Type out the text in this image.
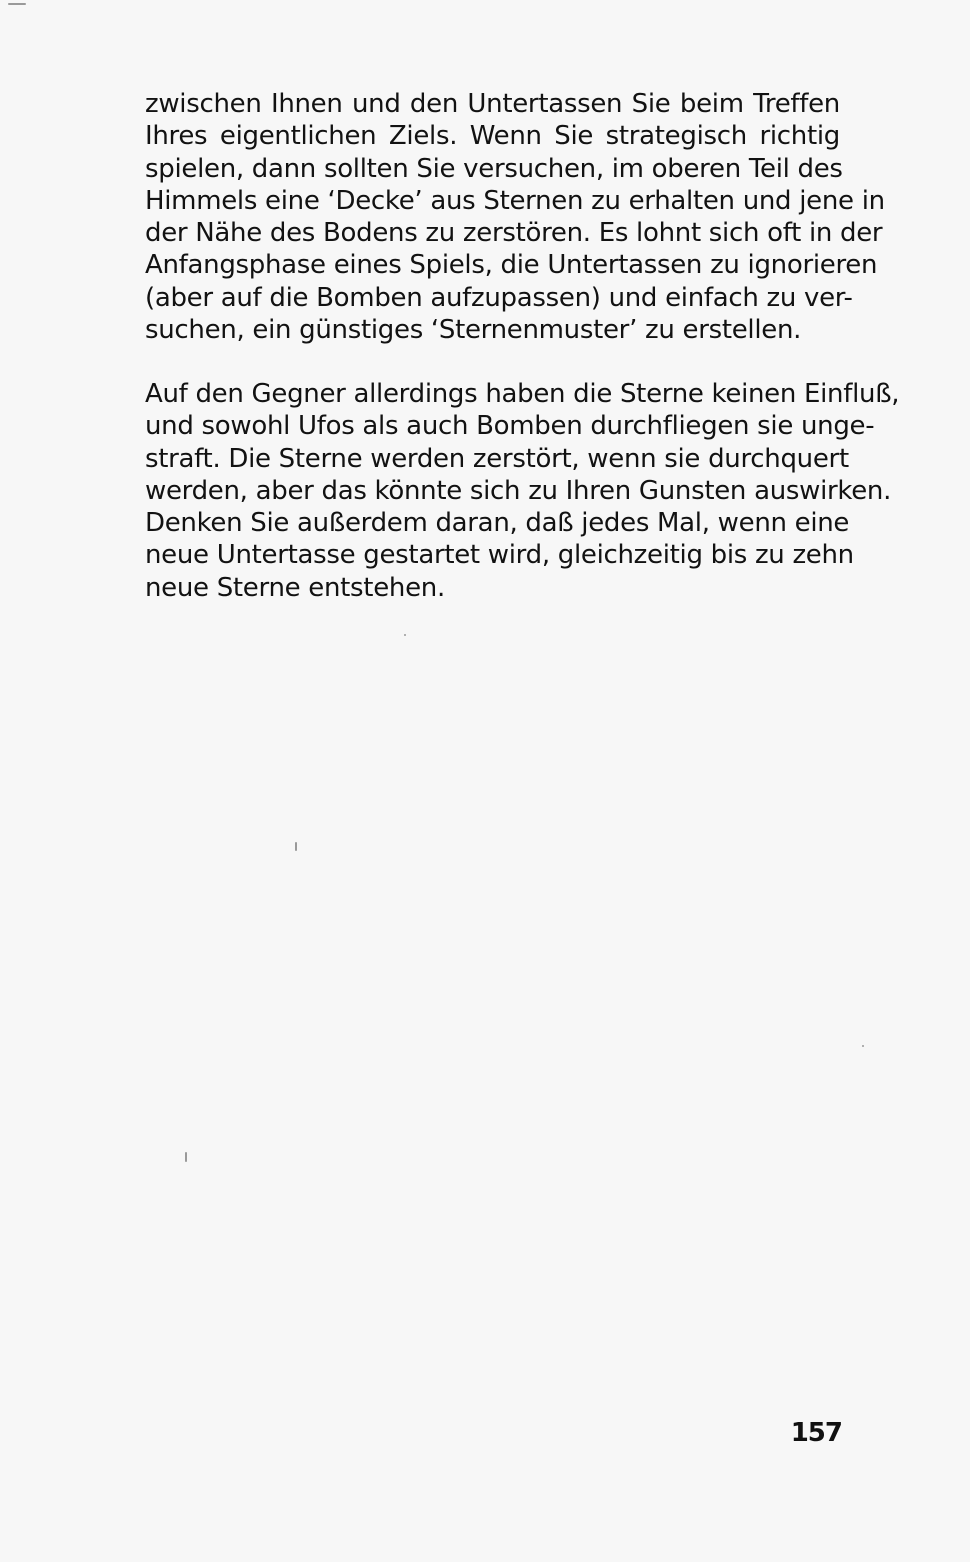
zwischen Ihnen und den Untertassen Sie beim Treffen
Ihres eigentlichen Ziels. Wenn Sie strategisch richtig
spielen, dann sollten Sie versuchen, im oberen Teil des
Himmels eine ‘Decke’ aus Sternen zu erhalten und jene in
der Nähe des Bodens zu zerstören. Es lohnt sich oft in der
Anfangsphase eines Spiels, die Untertassen zu ignorieren
(aber auf die Bomben aufzupassen) und einfach zu ver-
suchen, ein günstiges ‘Sternenmuster’ zu erstellen.
Auf den Gegner allerdings haben die Sterne keinen Einfluß,
und sowohl Ufos als auch Bomben durchfliegen sie unge-
straft. Die Sterne werden zerstört, wenn sie durchquert
werden, aber das könnte sich zu Ihren Gunsten auswirken.
Denken Sie außerdem daran, daß jedes Mal, wenn eine
neue Untertasse gestartet wird, gleichzeitig bis zu zehn
neue Sterne entstehen.
157
